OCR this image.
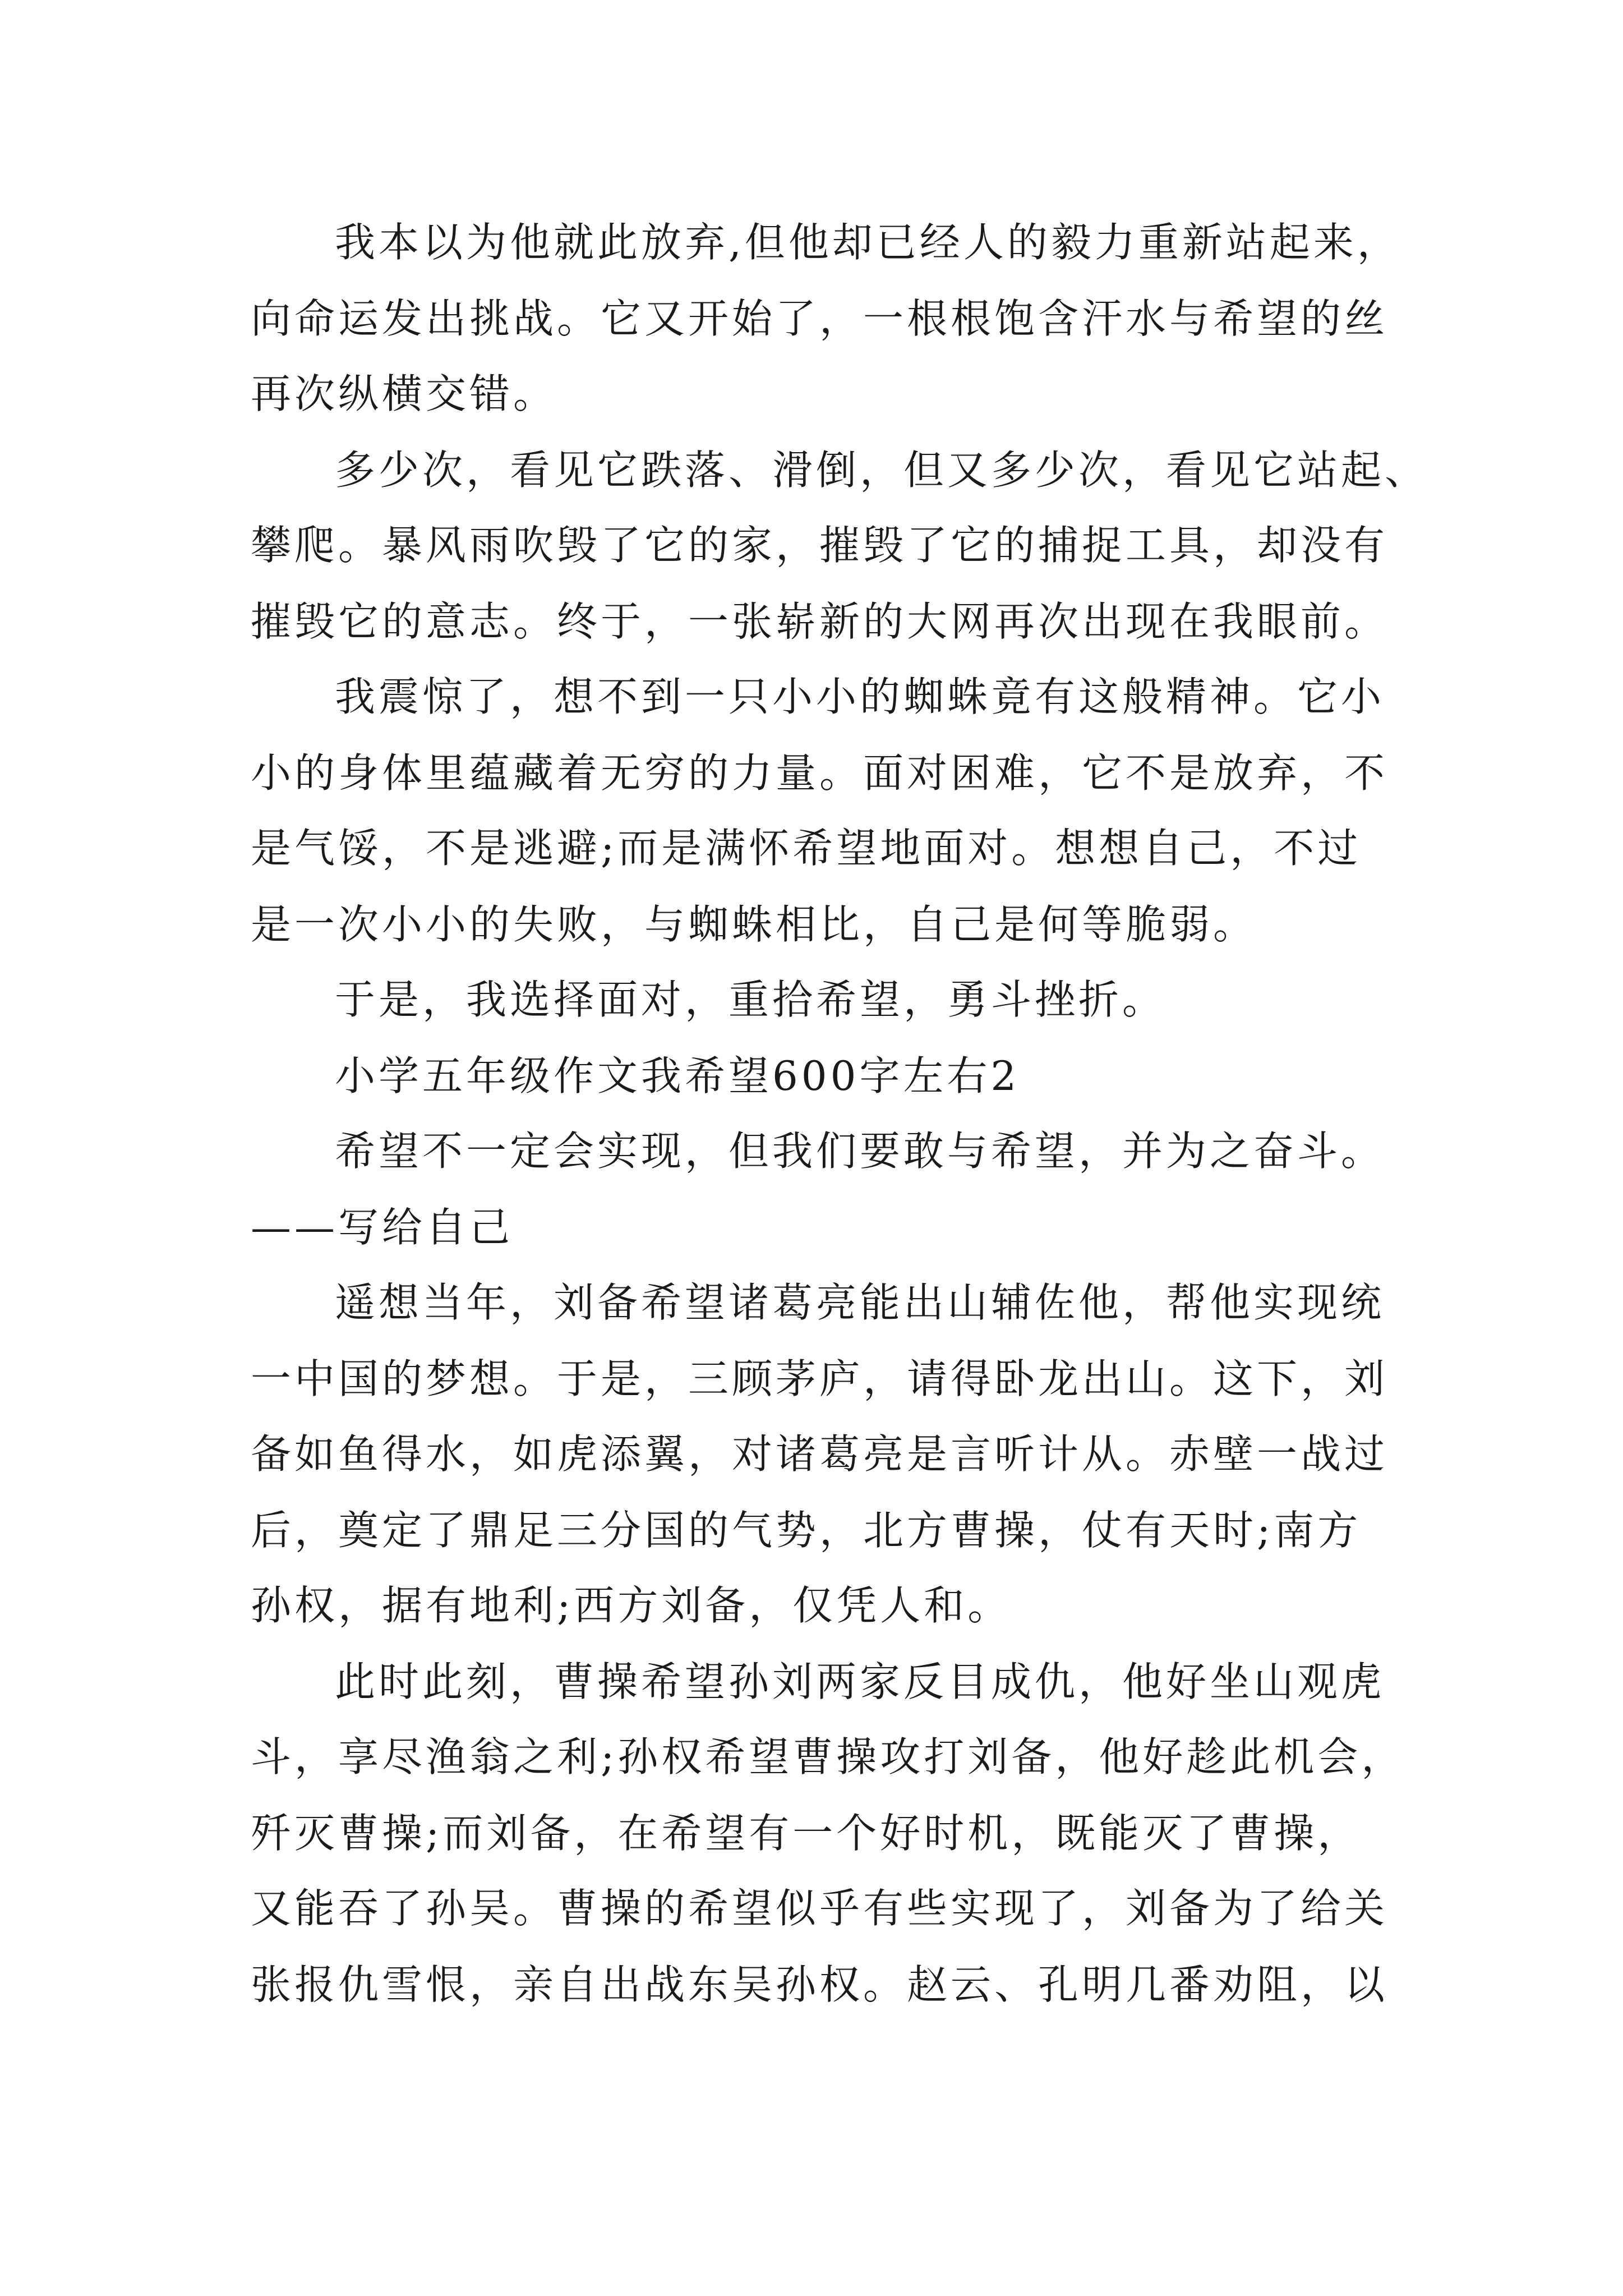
我本以为他就此放弃,但他却已经人的毅力重新站起来，
向命运发出挑战。它又开始了，一根根饱含汗水与希望的丝
再次纵横交错。
多少次，看见它跌落、滑倒，但又多少次，看见它站起、
攀爬。暴风雨吹毁了它的家，摧毁了它的捕捉工具，却没有
摧毁它的意志。终于，一张崭新的大网再次出现在我眼前。
我震惊了，想不到一只小小的蜘蛛竟有这般精神。它小
小的身体里蕴藏着无穷的力量。面对困难，它不是放弃，不
是气馁，不是逃避;而是满怀希望地面对。想想自己，不过
是一次小小的失败，与蜘蛛相比，自己是何等脆弱。
于是，我选择面对，重拾希望，勇斗挫折。
小学五年级作文我希望600字左右2
希望不一定会实现，但我们要敢与希望，并为之奋斗。
——写给自己
遥想当年，刘备希望诸葛亮能出山辅佐他，帮他实现统
一中国的梦想。于是，三顾茅庐，请得卧龙出山。这下，刘
备如鱼得水，如虎添翼，对诸葛亮是言听计从。赤壁一战过
后，奠定了鼎足三分国的气势，北方曹操，仗有天时;南方
孙权，据有地利;西方刘备，仅凭人和。
此时此刻，曹操希望孙刘两家反目成仇，他好坐山观虎
斗，享尽渔翁之利;孙权希望曹操攻打刘备，他好趁此机会，
歼灭曹操;而刘备，在希望有一个好时机，既能灭了曹操，
又能吞了孙吴。曹操的希望似乎有些实现了，刘备为了给关
张报仇雪恨，亲自出战东吴孙权。赵云、孔明几番劝阻，以
